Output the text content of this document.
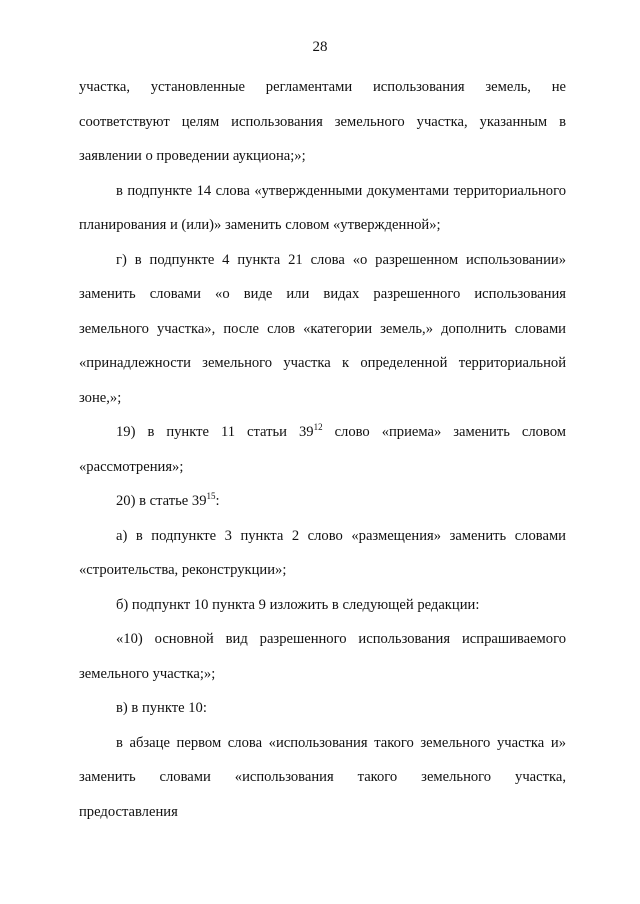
28

участка, установленные регламентами использования земель, не соответствуют целям использования земельного участка, указанным в заявлении о проведении аукциона;»;

в подпункте 14 слова «утвержденными документами территориального планирования и (или)» заменить словом «утвержденной»;

г) в подпункте 4 пункта 21 слова «о разрешенном использовании» заменить словами «о виде или видах разрешенного использования земельного участка», после слов «категории земель,» дополнить словами «принадлежности земельного участка к определенной территориальной зоне,»;

19) в пункте 11 статьи $39^{12}$ слово «приема» заменить словом «рассмотрения»;

20) в статье $39^{15}$:

а) в подпункте 3 пункта 2 слово «размещения» заменить словами «строительства, реконструкции»;

б) подпункт 10 пункта 9 изложить в следующей редакции:

«10) основной вид разрешенного использования испрашиваемого земельного участка;»;

в) в пункте 10:

в абзаце первом слова «использования такого земельного участка и» заменить словами «использования такого земельного участка, предоставления
